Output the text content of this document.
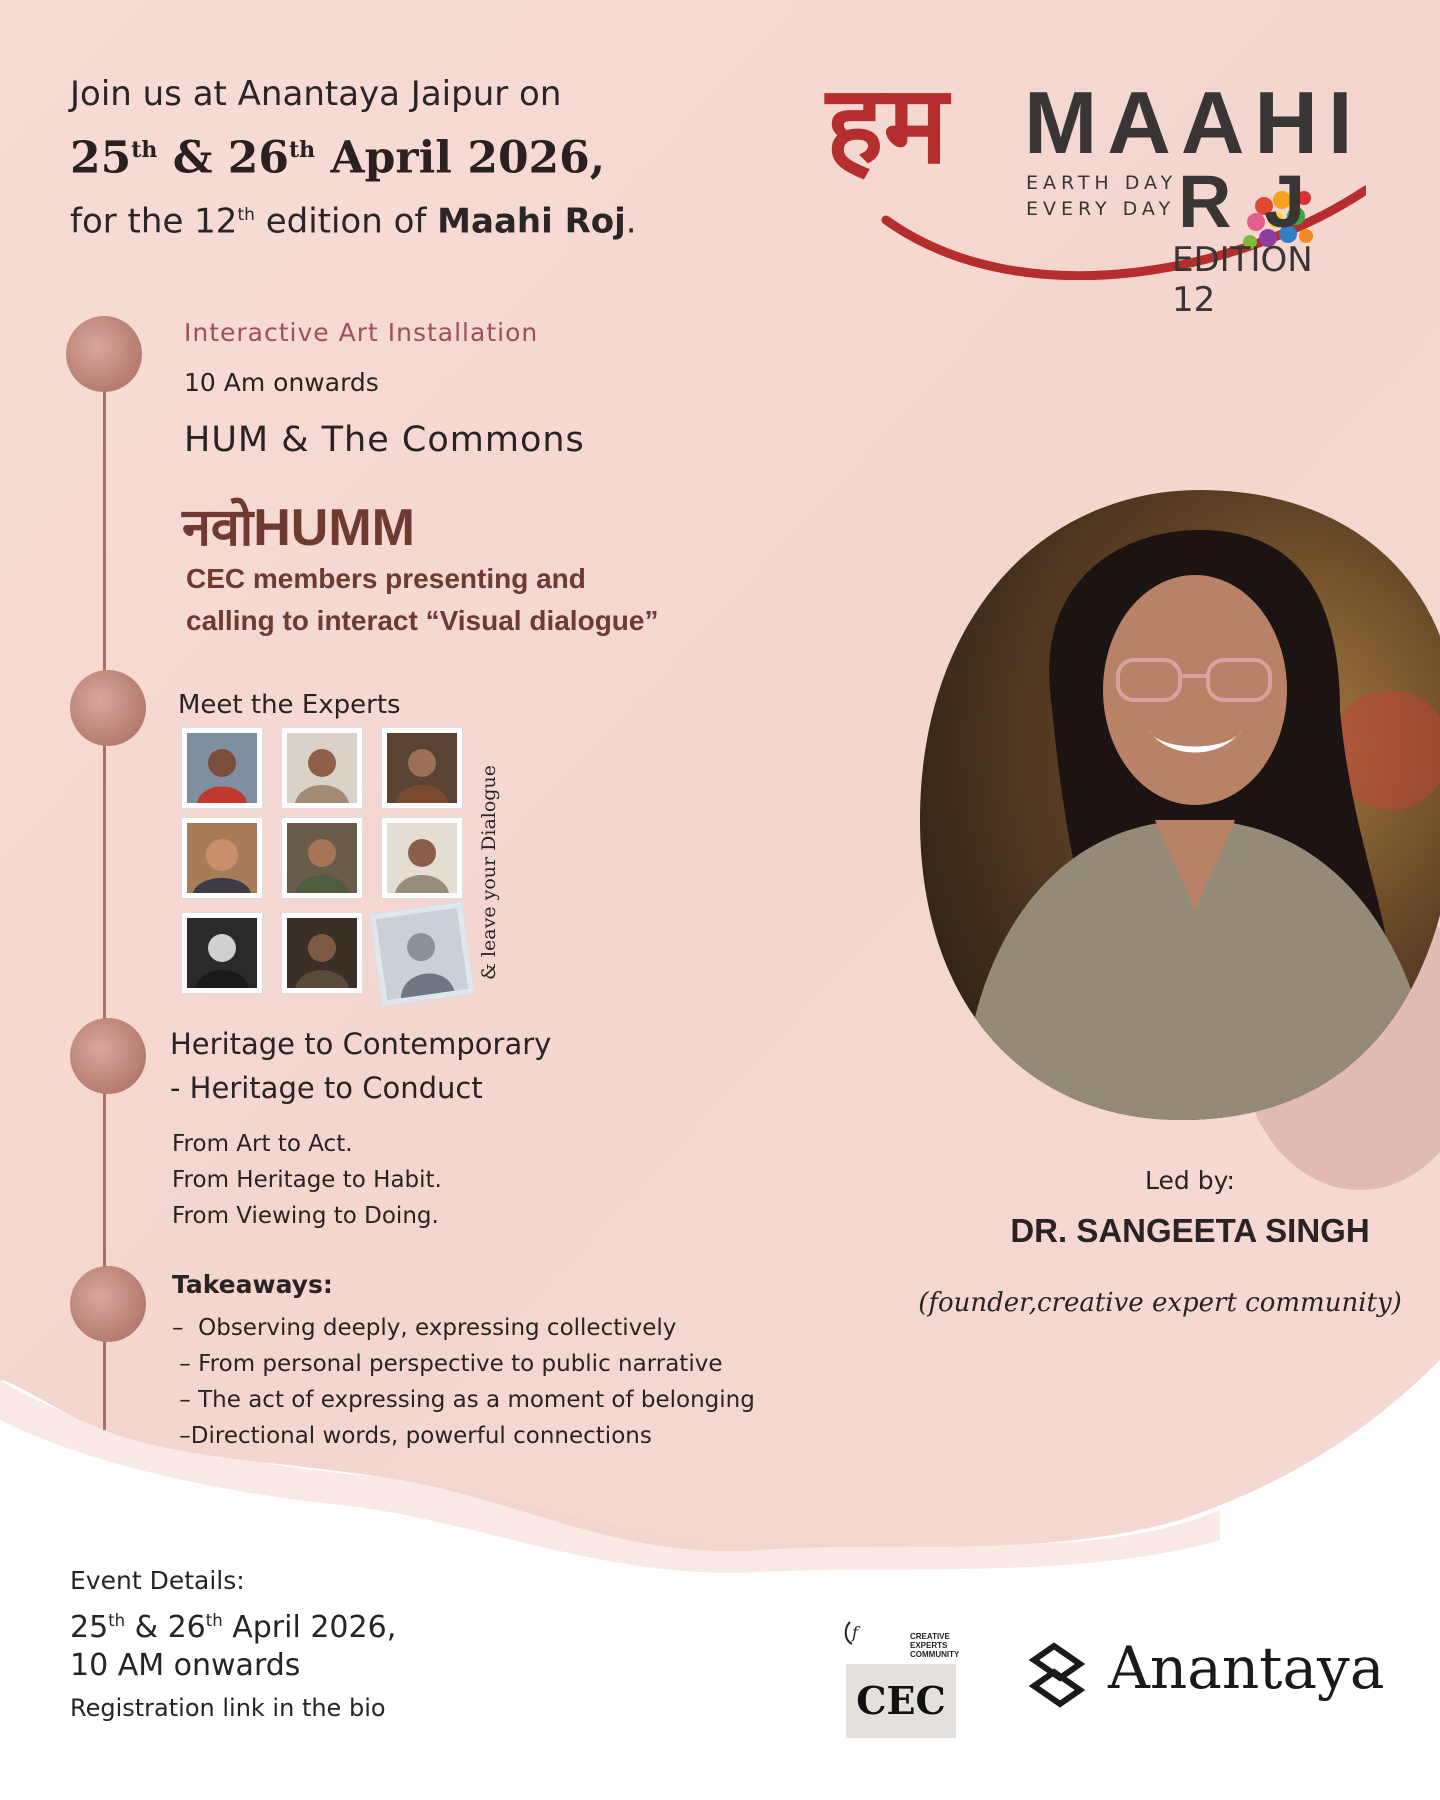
Join us at Anantaya Jaipur on
25th & 26th April 2026,
for the 12th edition of Maahi Roj.
हम MAAHI
R J
EARTH DAY
EVERY DAY
EDITION 12
Interactive Art Installation
10 Am onwards
HUM & The Commons
नवोHUMM
CEC members presenting and
calling to interact “Visual dialogue”
Meet the Experts
& leave your Dialogue
Heritage to Contemporary
- Heritage to Conduct
From Art to Act.
From Heritage to Habit.
From Viewing to Doing.
Takeaways:
–  Observing deeply, expressing collectively
– From personal perspective to public narrative
– The act of expressing as a moment of belonging
–Directional words, powerful connections
Led by:
DR. SANGEETA SINGH
(founder,creative expert community)
Event Details:
25th & 26th April 2026,
10 AM onwards
Registration link in the bio
f	CREATIVE
EXPERTS
COMMUNITY
CEC	Anantaya
